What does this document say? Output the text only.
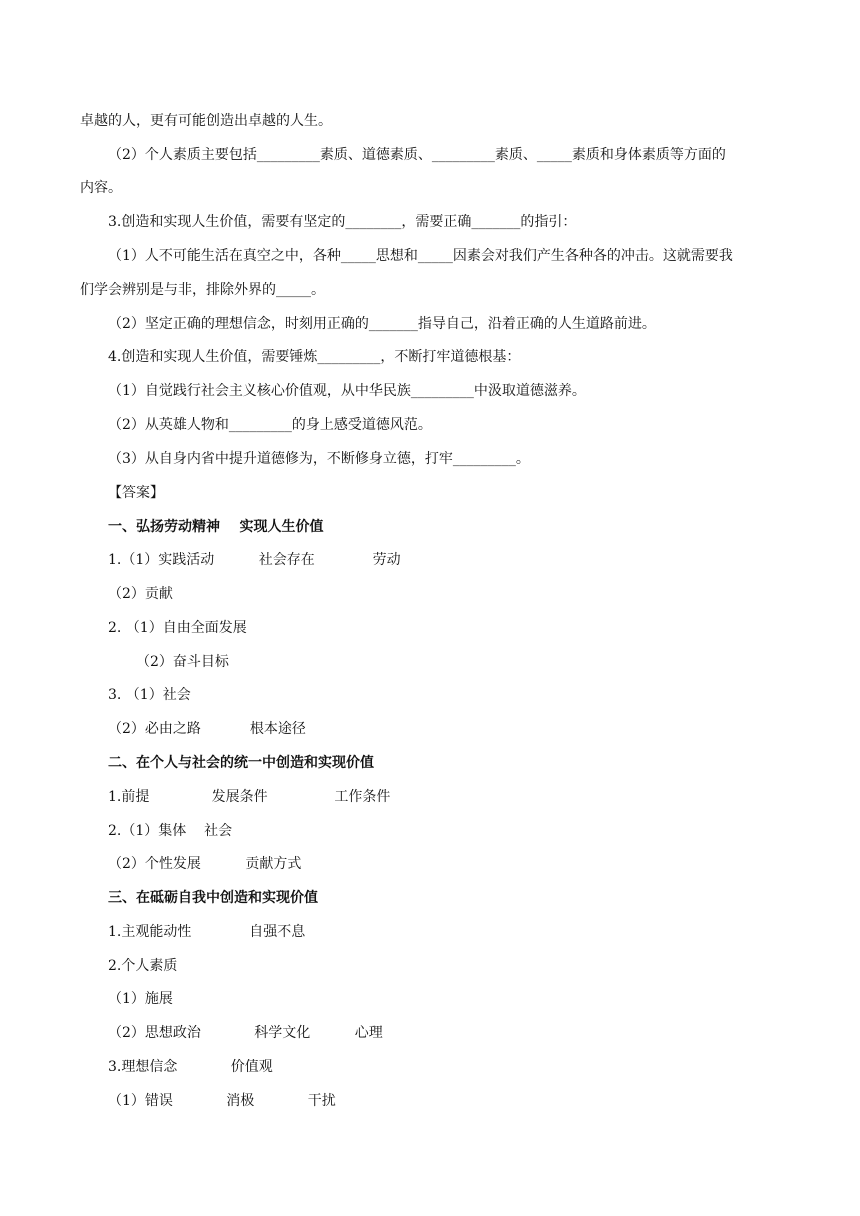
卓越的人，更有可能创造出卓越的人生。
（2）个人素质主要包括_________素质、道德素质、_________素质、_____素质和身体素质等方面的
内容。
3.创造和实现人生价值，需要有坚定的________，需要正确_______的指引：
（1）人不可能生活在真空之中，各种_____思想和_____因素会对我们产生各种各的冲击。这就需要我
们学会辨别是与非，排除外界的_____。
（2）坚定正确的理想信念，时刻用正确的_______指导自己，沿着正确的人生道路前进。
4.创造和实现人生价值，需要锤炼_________，不断打牢道德根基：
（1）自觉践行社会主义核心价值观，从中华民族_________中汲取道德滋养。
（2）从英雄人物和_________的身上感受道德风范。
（3）从自身内省中提升道德修为，不断修身立德，打牢_________。
【答案】
一、弘扬劳动精神    实现人生价值
1.（1）实践活动          社会存在             劳动
（2）贡献
2. （1）自由全面发展
（2）奋斗目标
3. （1）社会
（2）必由之路           根本途径
二、在个人与社会的统一中创造和实现价值
1.前提              发展条件               工作条件
2.（1）集体    社会
（2）个性发展          贡献方式
三、在砥砺自我中创造和实现价值
1.主观能动性             自强不息
2.个人素质
（1）施展
（2）思想政治            科学文化          心理
3.理想信念            价值观
（1）错误            消极            干扰
